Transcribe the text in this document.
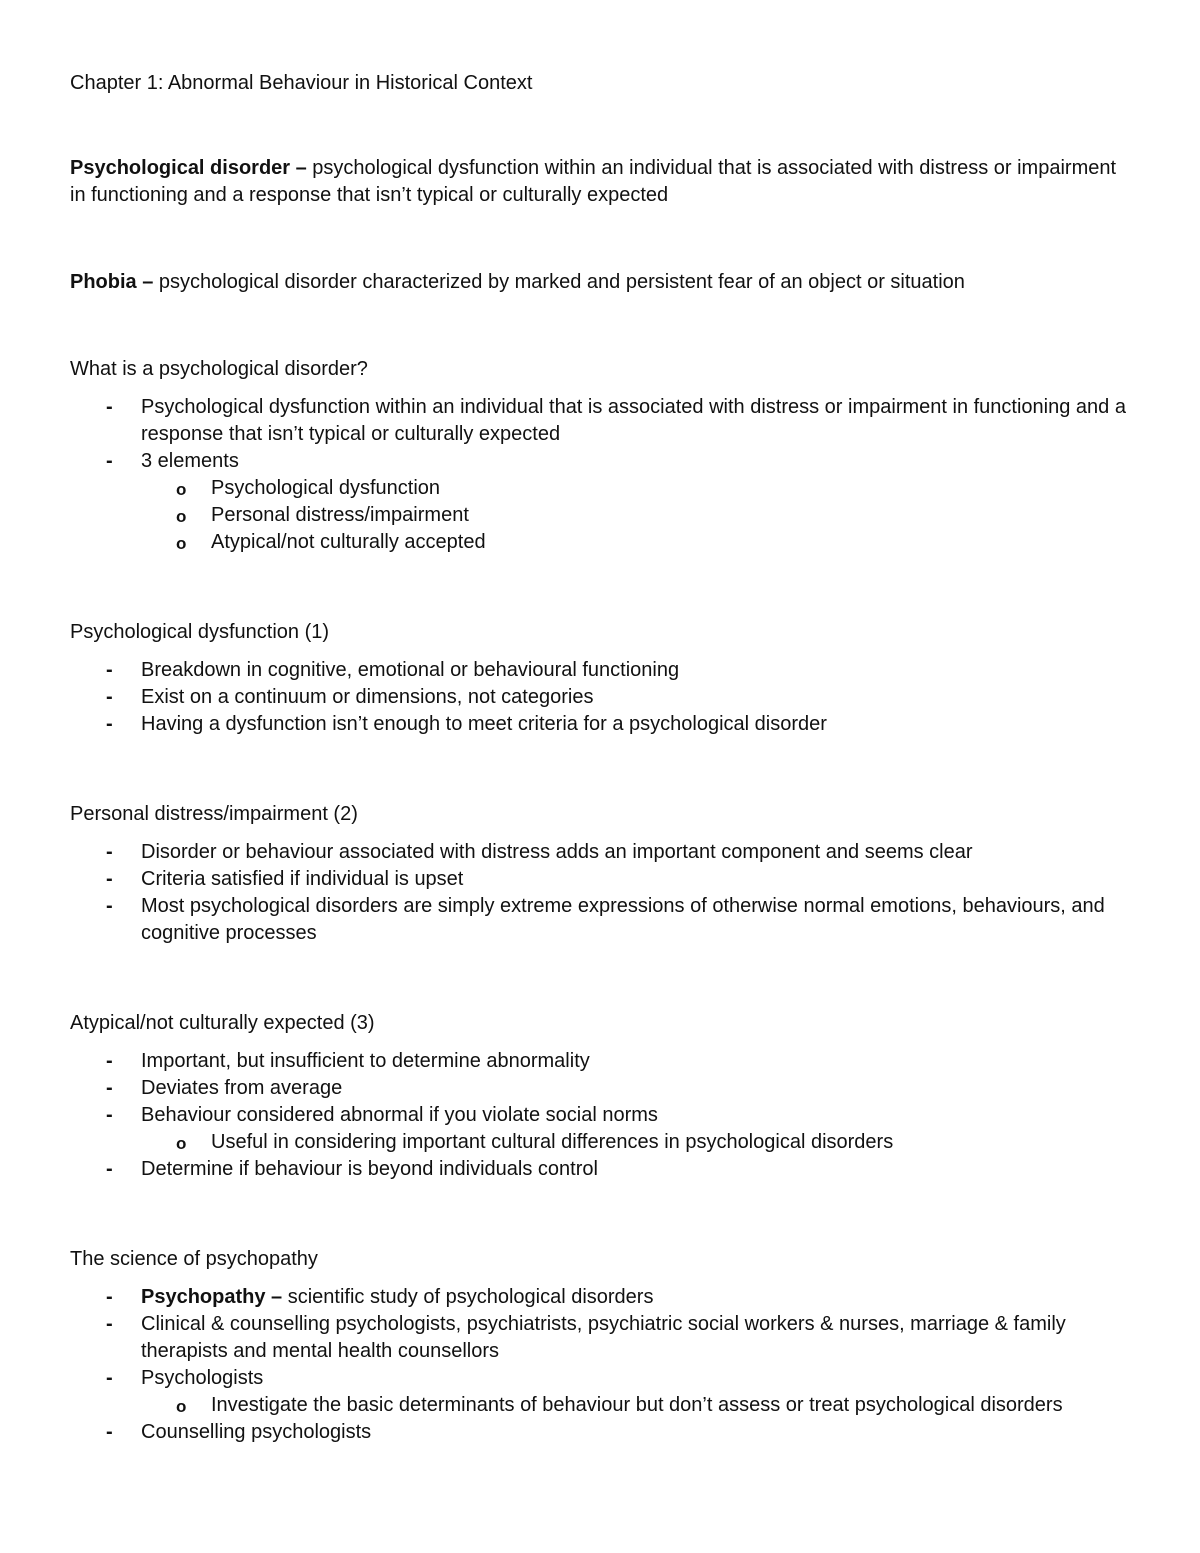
Chapter 1: Abnormal Behaviour in Historical Context

Psychological disorder – psychological dysfunction within an individual that is associated with distress or impairment in functioning and a response that isn’t typical or culturally expected

Phobia – psychological disorder characterized by marked and persistent fear of an object or situation

What is a psychological disorder?

- Psychological dysfunction within an individual that is associated with distress or impairment in functioning and a response that isn’t typical or culturally expected
- 3 elements
o Psychological dysfunction
o Personal distress/impairment
o Atypical/not culturally accepted

Psychological dysfunction (1)

- Breakdown in cognitive, emotional or behavioural functioning
- Exist on a continuum or dimensions, not categories
- Having a dysfunction isn’t enough to meet criteria for a psychological disorder

Personal distress/impairment (2)

- Disorder or behaviour associated with distress adds an important component and seems clear
- Criteria satisfied if individual is upset
- Most psychological disorders are simply extreme expressions of otherwise normal emotions, behaviours, and cognitive processes

Atypical/not culturally expected (3)

- Important, but insufficient to determine abnormality
- Deviates from average
- Behaviour considered abnormal if you violate social norms
o Useful in considering important cultural differences in psychological disorders
- Determine if behaviour is beyond individuals control

The science of psychopathy

- Psychopathy – scientific study of psychological disorders
- Clinical & counselling psychologists, psychiatrists, psychiatric social workers & nurses, marriage & family therapists and mental health counsellors
- Psychologists
o Investigate the basic determinants of behaviour but don’t assess or treat psychological disorders
- Counselling psychologists
